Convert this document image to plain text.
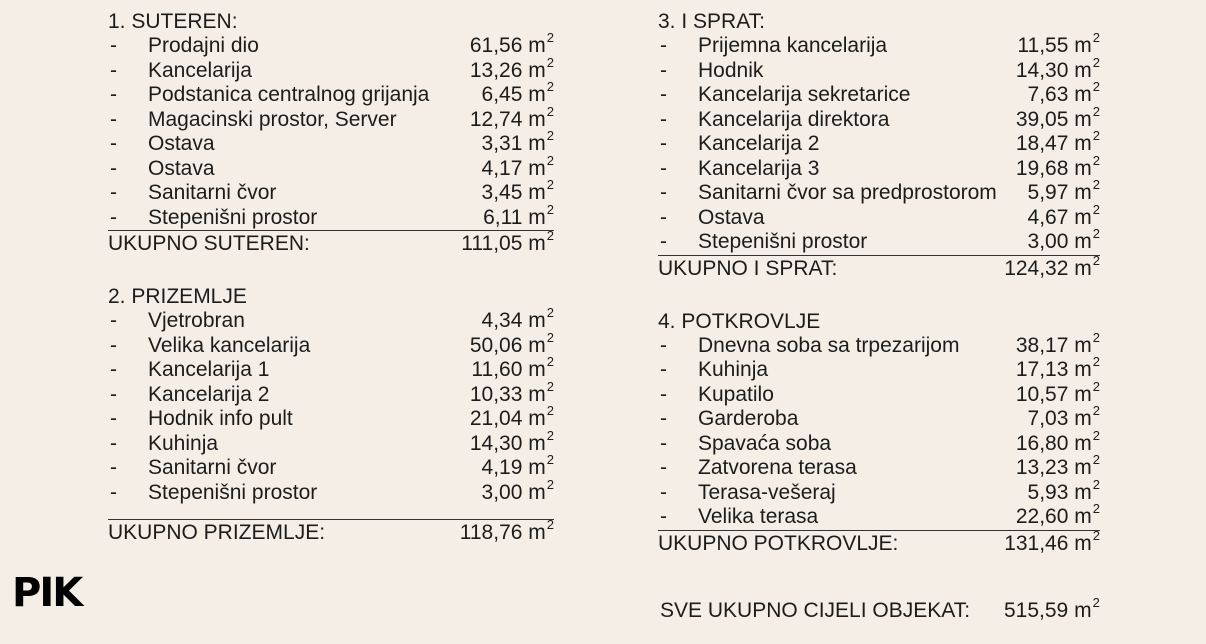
1. SUTEREN:
- Prodajni dio	61,56 $m^2$
- Kancelarija	13,26 $m^2$
- Podstanica centralnog grijanja 6,45 $m^2$
- Magacinski prostor, Server	12,74 $m^2$
- Ostava	3,31 $m^2$
- Ostava	4,17 $m^2$
- Sanitarni čvor	3,45 $m^2$
- Stepenišni prostor	6,11 $m^2$
UKUPNO SUTEREN:	111,05 $m^2$
2. PRIZEMLJE
- Vjetrobran	4,34 $m^2$
- Velika kancelarija	50,06 $m^2$
- Kancelarija 1	11,60 $m^2$
- Kancelarija 2	10,33 $m^2$
- Hodnik info pult	21,04 $m^2$
- Kuhinja	14,30 $m^2$
- Sanitarni čvor	4,19 $m^2$
- Stepenišni prostor	3,00 $m^2$
UKUPNO PRIZEMLJE:	118,76 $m^2$
3. I SPRAT:
- Prijemna kancelarija	11,55 $m^2$
- Hodnik	14,30 $m^2$
- Kancelarija sekretarice	7,63 $m^2$
- Kancelarija direktora	39,05 $m^2$
- Kancelarija 2	18,47 $m^2$
- Kancelarija 3	19,68 $m^2$
- Sanitarni čvor sa predprostorom 5,97 $m^2$
- Ostava	4,67 $m^2$
- Stepenišni prostor	3,00 $m^2$
UKUPNO I SPRAT:	124,32 $m^2$
4. POTKROVLJE
- Dnevna soba sa trpezarijom	38,17 $m^2$
- Kuhinja	17,13 $m^2$
- Kupatilo	10,57 $m^2$
- Garderoba	7,03 $m^2$
- Spavaća soba	16,80 $m^2$
- Zatvorena terasa	13,23 $m^2$
- Terasa-vešeraj	5,93 $m^2$
- Velika terasa	22,60 $m^2$
UKUPNO POTKROVLJE:	131,46 $m^2$
SVE UKUPNO CIJELI OBJEKAT: 515,59 $m^2$
PIK
